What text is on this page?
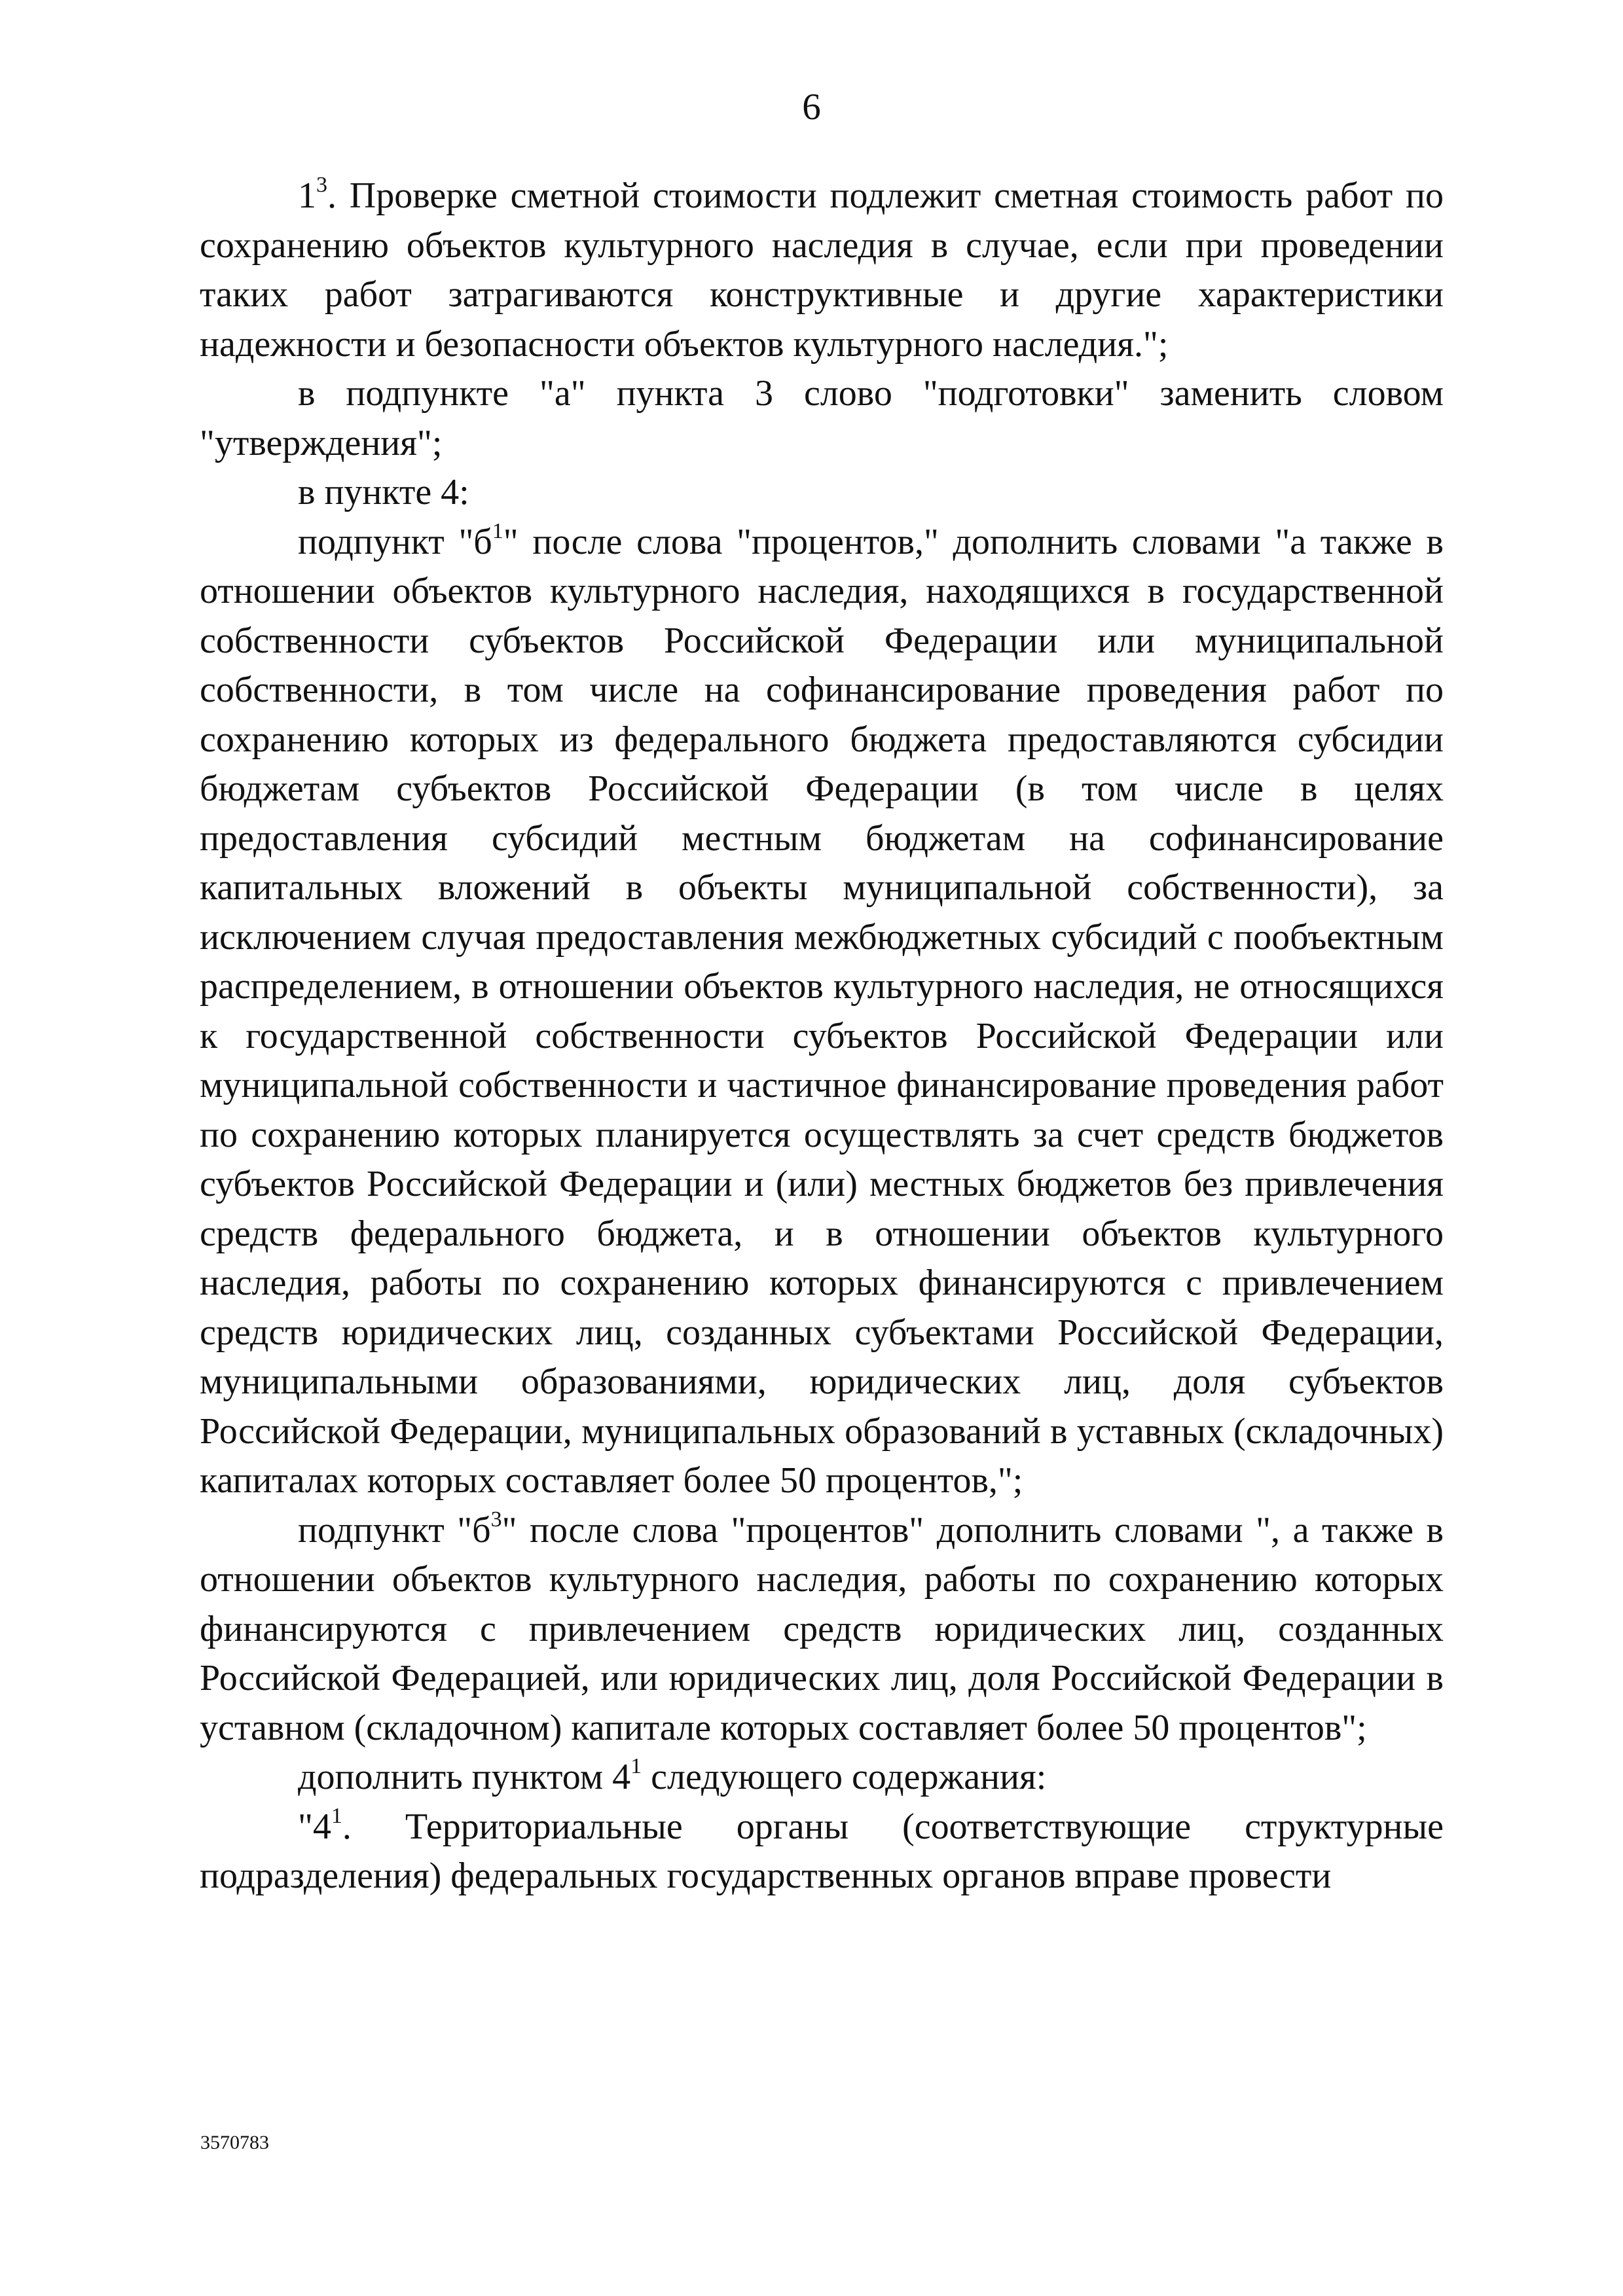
6

$1^3$. Проверке сметной стоимости подлежит сметная стоимость работ по сохранению объектов культурного наследия в случае, если при проведении таких работ затрагиваются конструктивные и другие характеристики надежности и безопасности объектов культурного наследия.";

в подпункте "а" пункта 3 слово "подготовки" заменить словом "утверждения";

в пункте 4:

подпункт "$б^1$" после слова "процентов," дополнить словами "а также в отношении объектов культурного наследия, находящихся в государственной собственности субъектов Российской Федерации или муниципальной собственности, в том числе на софинансирование проведения работ по сохранению которых из федерального бюджета предоставляются субсидии бюджетам субъектов Российской Федерации (в том числе в целях предоставления субсидий местным бюджетам на софинансирование капитальных вложений в объекты муниципальной собственности), за исключением случая предоставления межбюджетных субсидий с пообъектным распределением, в отношении объектов культурного наследия, не относящихся к государственной собственности субъектов Российской Федерации или муниципальной собственности и частичное финансирование проведения работ по сохранению которых планируется осуществлять за счет средств бюджетов субъектов Российской Федерации и (или) местных бюджетов без привлечения средств федерального бюджета, и в отношении объектов культурного наследия, работы по сохранению которых финансируются с привлечением средств юридических лиц, созданных субъектами Российской Федерации, муниципальными образованиями, юридических лиц, доля субъектов Российской Федерации, муниципальных образований в уставных (складочных) капиталах которых составляет более 50 процентов,";

подпункт "$б^3$" после слова "процентов" дополнить словами ", а также в отношении объектов культурного наследия, работы по сохранению которых финансируются с привлечением средств юридических лиц, созданных Российской Федерацией, или юридических лиц, доля Российской Федерации в уставном (складочном) капитале которых составляет более 50 процентов";

дополнить пунктом $4^1$ следующего содержания:

"$4^1$. Территориальные органы (соответствующие структурные подразделения) федеральных государственных органов вправе провести

3570783
